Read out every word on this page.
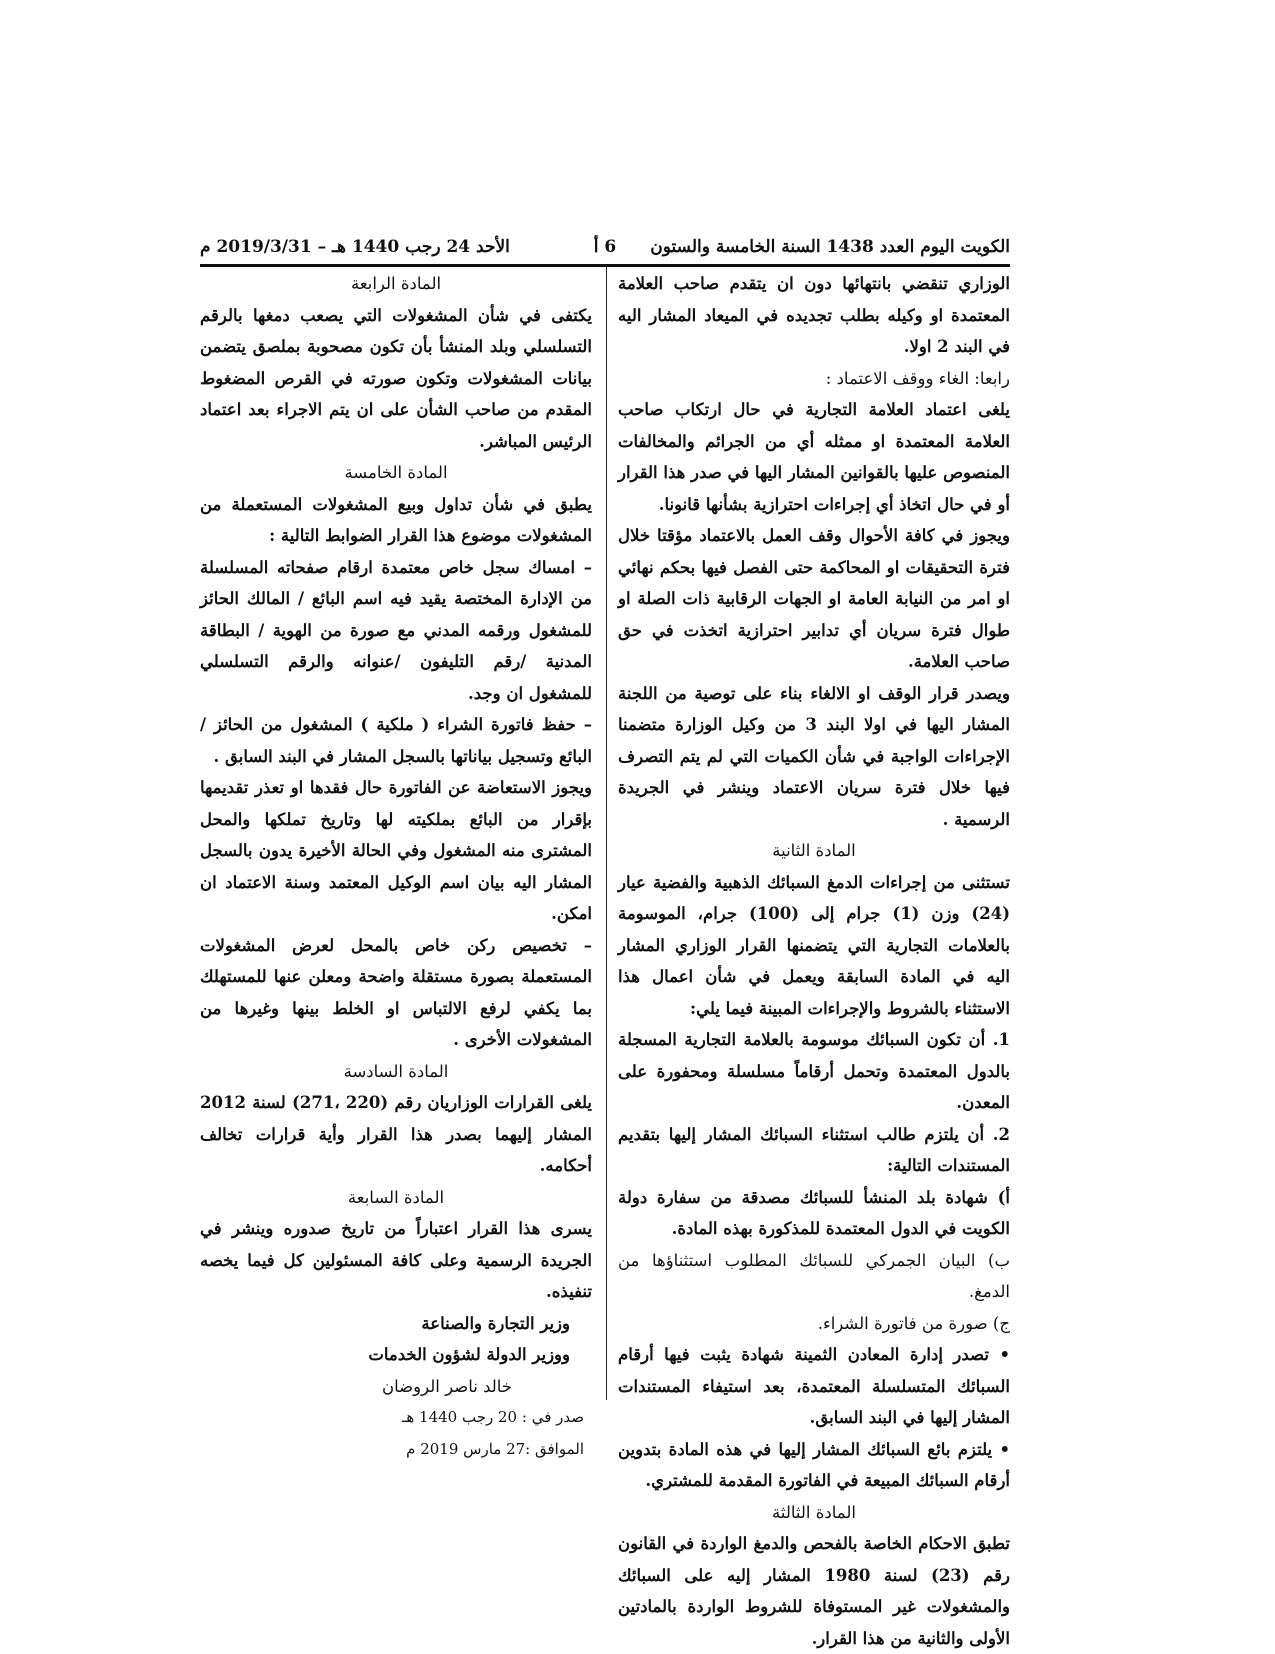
الكويت اليوم العدد 1438 السنة الخامسة والستون
6 أ
الأحد 24 رجب 1440 هـ – 2019/3/31 م

الوزاري تنقضي بانتهائها دون ان يتقدم صاحب العلامة المعتمدة او وكيله بطلب تجديده في الميعاد المشار اليه في البند 2 اولا.

رابعا: الغاء ووقف الاعتماد :

يلغى اعتماد العلامة التجارية في حال ارتكاب صاحب العلامة المعتمدة او ممثله أي من الجرائم والمخالفات المنصوص عليها بالقوانين المشار اليها في صدر هذا القرار أو في حال اتخاذ أي إجراءات احترازية بشأنها قانونا.

ويجوز في كافة الأحوال وقف العمل بالاعتماد مؤقتا خلال فترة التحقيقات او المحاكمة حتى الفصل فيها بحكم نهائي او امر من النيابة العامة او الجهات الرقابية ذات الصلة او طوال فترة سريان أي تدابير احترازية اتخذت في حق صاحب العلامة.

ويصدر قرار الوقف او الالغاء بناء على توصية من اللجنة المشار اليها في اولا البند 3 من وكيل الوزارة متضمنا الإجراءات الواجبة في شأن الكميات التي لم يتم التصرف فيها خلال فترة سريان الاعتماد وينشر في الجريدة الرسمية .

المادة الثانية

تستثنى من إجراءات الدمغ السبائك الذهبية والفضية عيار (24) وزن (1) جرام إلى (100) جرام، الموسومة بالعلامات التجارية التي يتضمنها القرار الوزاري المشار اليه في المادة السابقة ويعمل في شأن اعمال هذا الاستثناء بالشروط والإجراءات المبينة فيما يلي:

1. أن تكون السبائك موسومة بالعلامة التجارية المسجلة بالدول المعتمدة وتحمل أرقاماً مسلسلة ومحفورة على المعدن.

2. أن يلتزم طالب استثناء السبائك المشار إليها بتقديم المستندات التالية:

أ) شهادة بلد المنشأ للسبائك مصدقة من سفارة دولة الكويت في الدول المعتمدة للمذكورة بهذه المادة.

ب) البيان الجمركي للسبائك المطلوب استثناؤها من الدمغ.

ج) صورة من فاتورة الشراء.

• تصدر إدارة المعادن الثمينة شهادة يثبت فيها أرقام السبائك المتسلسلة المعتمدة، بعد استيفاء المستندات المشار إليها في البند السابق.

• يلتزم بائع السبائك المشار إليها في هذه المادة بتدوين أرقام السبائك المبيعة في الفاتورة المقدمة للمشتري.

المادة الثالثة

تطبق الاحكام الخاصة بالفحص والدمغ الواردة في القانون رقم (23) لسنة 1980 المشار إليه على السبائك والمشغولات غير المستوفاة للشروط الواردة بالمادتين الأولى والثانية من هذا القرار.

المادة الرابعة

يكتفى في شأن المشغولات التي يصعب دمغها بالرقم التسلسلي وبلد المنشأ بأن تكون مصحوبة بملصق يتضمن بيانات المشغولات وتكون صورته في القرص المضغوط المقدم من صاحب الشأن على ان يتم الاجراء بعد اعتماد الرئيس المباشر.

المادة الخامسة

يطبق في شأن تداول وبيع المشغولات المستعملة من المشغولات موضوع هذا القرار الضوابط التالية :

– امساك سجل خاص معتمدة ارقام صفحاته المسلسلة من الإدارة المختصة يقيد فيه اسم البائع / المالك الحائز للمشغول ورقمه المدني مع صورة من الهوية / البطاقة المدنية /رقم التليفون /عنوانه والرقم التسلسلي للمشغول ان وجد.

– حفظ فاتورة الشراء ( ملكية ) المشغول من الحائز / البائع وتسجيل بياناتها بالسجل المشار في البند السابق .

ويجوز الاستعاضة عن الفاتورة حال فقدها او تعذر تقديمها بإقرار من البائع بملكيته لها وتاريخ تملكها والمحل المشترى منه المشغول وفي الحالة الأخيرة يدون بالسجل المشار اليه بيان اسم الوكيل المعتمد وسنة الاعتماد ان امكن.

– تخصيص ركن خاص بالمحل لعرض المشغولات المستعملة بصورة مستقلة واضحة ومعلن عنها للمستهلك بما يكفي لرفع الالتباس او الخلط بينها وغيرها من المشغولات الأخرى .

المادة السادسة

يلغى القرارات الوزاريان رقم (220 ،271) لسنة 2012 المشار إليهما بصدر هذا القرار وأية قرارات تخالف أحكامه.

المادة السابعة

يسرى هذا القرار اعتباراً من تاريخ صدوره وينشر في الجريدة الرسمية وعلى كافة المسئولين كل فيما يخصه تنفيذه.

وزير التجارة والصناعة

ووزير الدولة لشؤون الخدمات

خالد ناصر الروضان

صدر في : 20 رجب 1440 هـ

الموافق :27 مارس 2019 م
